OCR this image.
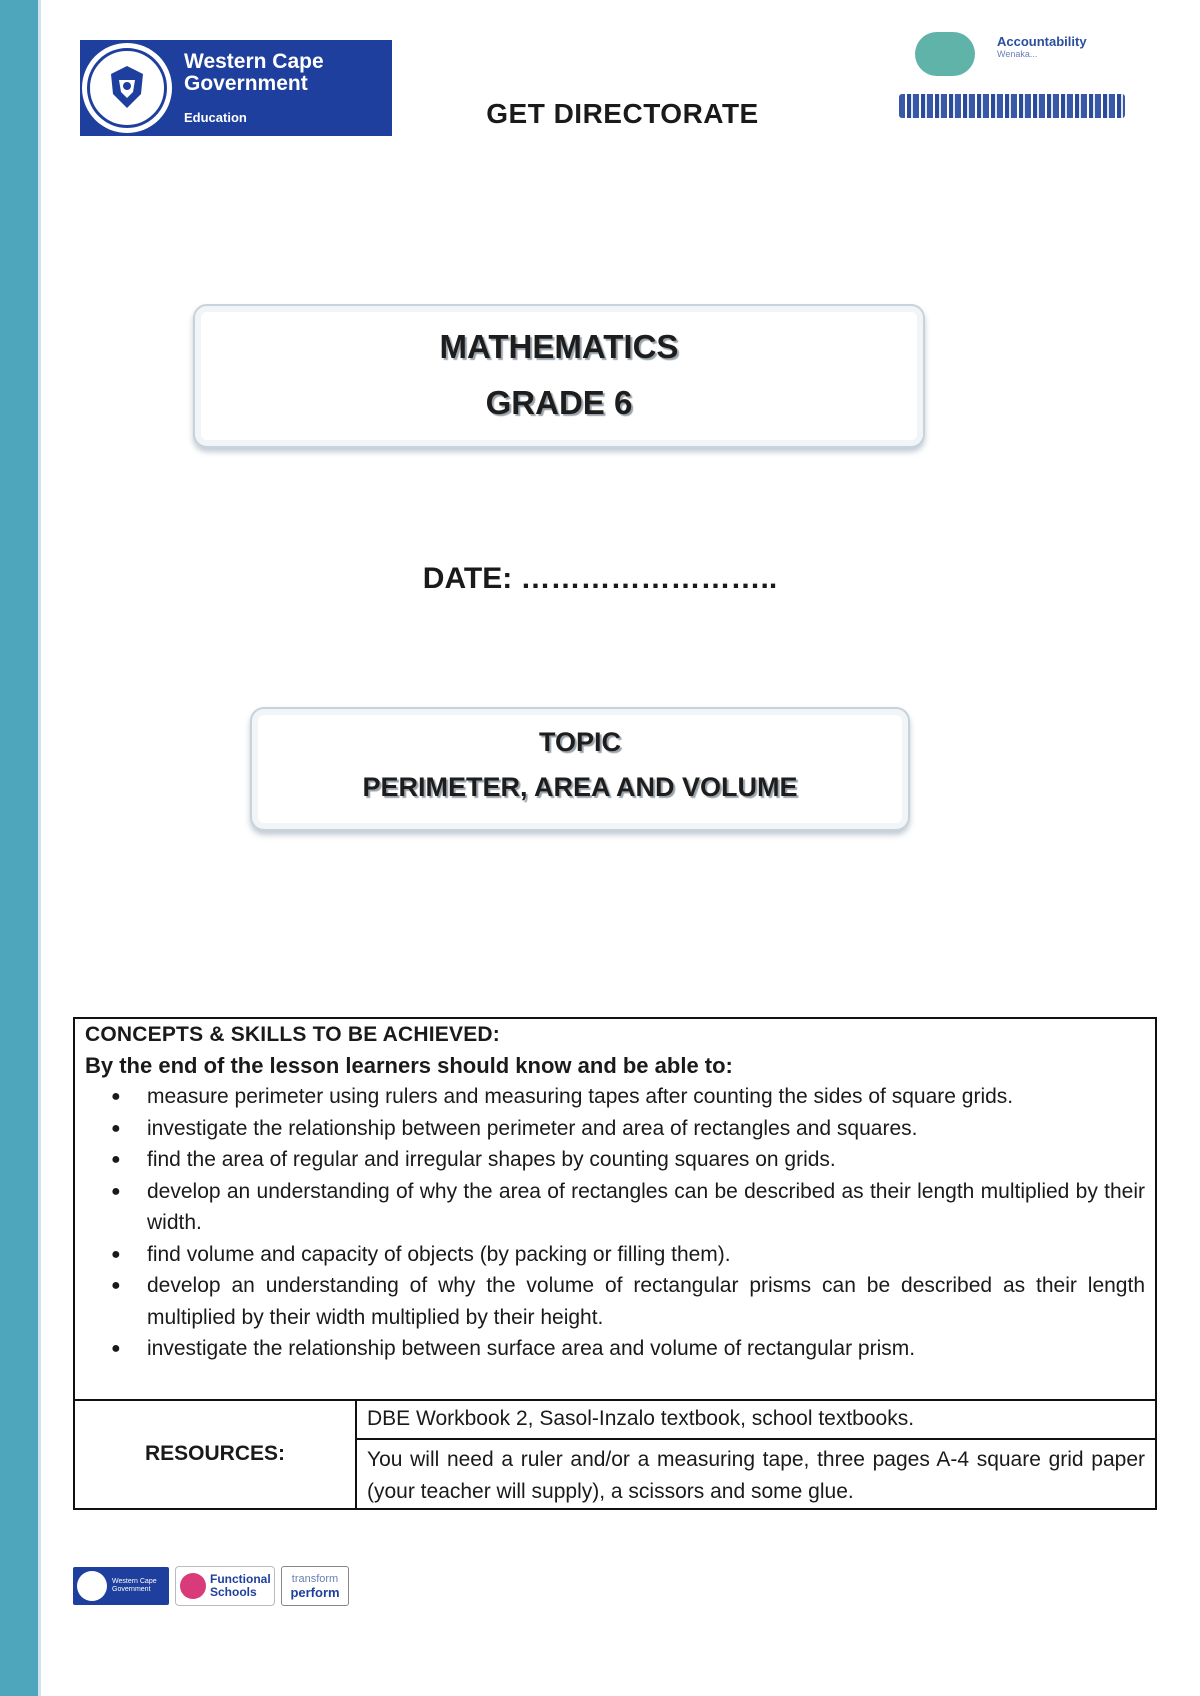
Western Cape
Government
Education	GET DIRECTORATE
Accountability
Wenaka...
MATHEMATICS
GRADE 6
DATE: ……………………..
TOPIC
PERIMETER, AREA AND VOLUME

CONCEPTS & SKILLS TO BE ACHIEVED:

By the end of the lesson learners should know and be able to:

● measure perimeter using rulers and measuring tapes after counting the sides of square grids.
● investigate the relationship between perimeter and area of rectangles and squares.
● find the area of regular and irregular shapes by counting squares on grids.
● develop an understanding of why the area of rectangles can be described as their length multiplied by their width.
● find volume and capacity of objects (by packing or filling them).
● develop an understanding of why the volume of rectangular prisms can be described as their length multiplied by their width multiplied by their height.
● investigate the relationship between surface area and volume of rectangular prism.
RESOURCES:
DBE Workbook 2, Sasol-Inzalo textbook, school textbooks.
You will need a ruler and/or a measuring tape, three pages A-4 square grid paper (your teacher will supply), a scissors and some glue.
Western Cape
Government
Functional
Schools
transform
perform
